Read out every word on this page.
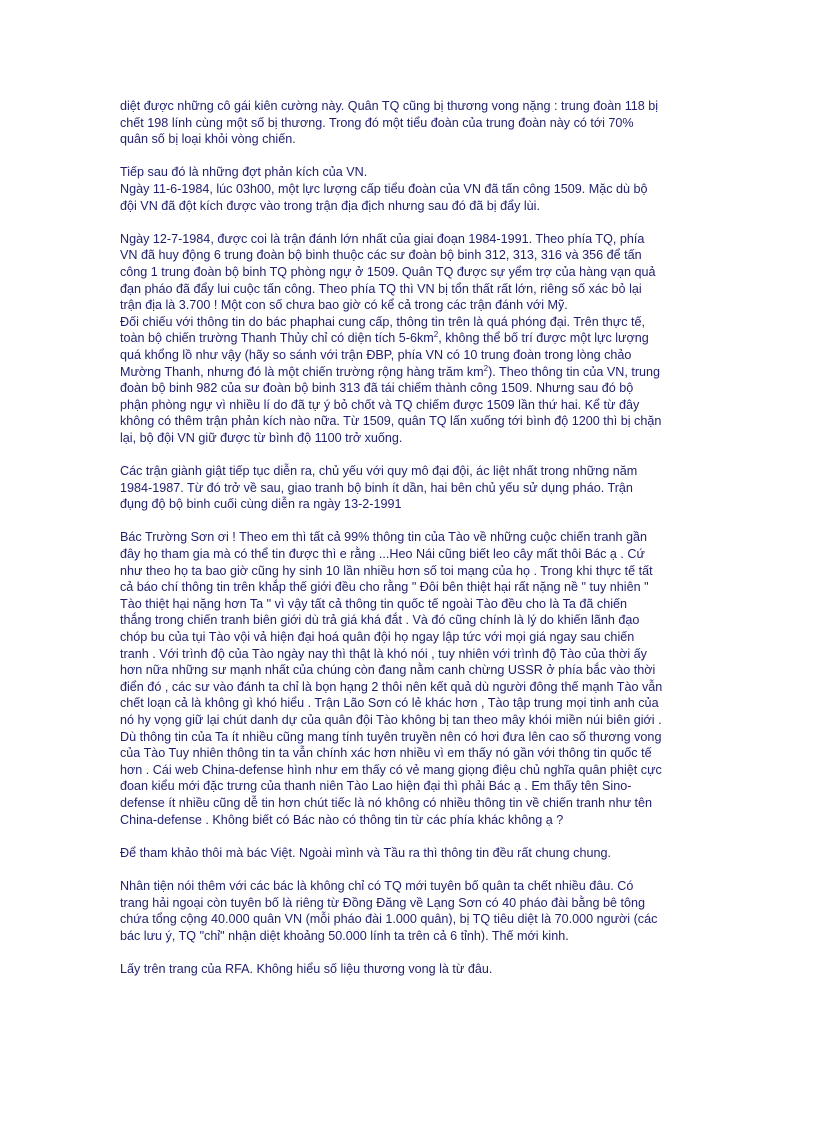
diệt được những cô gái kiên cường này. Quân TQ cũng bị thương vong nặng : trung đoàn 118 bị
chết 198 lính cùng một số bị thương. Trong đó một tiểu đoàn của trung đoàn này có tới 70%
quân số bị loại khỏi vòng chiến.

Tiếp sau đó là những đợt phản kích của VN.
Ngày 11-6-1984, lúc 03h00, một lực lượng cấp tiểu đoàn của VN đã tấn công 1509. Mặc dù bộ
đội VN đã đột kích được vào trong trận địa địch nhưng sau đó đã bị đẩy lùi.

Ngày 12-7-1984, được coi là trận đánh lớn nhất của giai đoạn 1984-1991. Theo phía TQ, phía
VN đã huy động 6 trung đoàn bộ binh thuộc các sư đoàn bộ binh 312, 313, 316 và 356 để tấn
công 1 trung đoàn bộ binh TQ phòng ngự ở 1509. Quân TQ được sự yểm trợ của hàng vạn quả
đạn pháo đã đẩy lui cuộc tấn công. Theo phía TQ thì VN bị tổn thất rất lớn, riêng số xác bỏ lại
trận địa là 3.700 ! Một con số chưa bao giờ có kể cả trong các trận đánh với Mỹ.
Đối chiếu với thông tin do bác phaphai cung cấp, thông tin trên là quá phóng đại. Trên thực tế,
toàn bộ chiến trường Thanh Thủy chỉ có diện tích $5-6km^2$, không thể bố trí được một lực lượng
quá khổng lồ như vậy (hãy so sánh với trận ĐBP, phía VN có 10 trung đoàn trong lòng chảo
Mường Thanh, nhưng đó là một chiến trường rộng hàng trăm $km^2$). Theo thông tin của VN, trung
đoàn bộ binh 982 của sư đoàn bộ binh 313 đã tái chiếm thành công 1509. Nhưng sau đó bộ
phận phòng ngự vì nhiều lí do đã tự ý bỏ chốt và TQ chiếm được 1509 lần thứ hai. Kể từ đây
không có thêm trận phản kích nào nữa. Từ 1509, quân TQ lấn xuống tới bình độ 1200 thì bị chặn
lại, bộ đội VN giữ được từ bình độ 1100 trở xuống.

Các trận giành giật tiếp tục diễn ra, chủ yếu với quy mô đại đội, ác liệt nhất trong những năm
1984-1987. Từ đó trở về sau, giao tranh bộ binh ít dần, hai bên chủ yếu sử dụng pháo. Trận
đụng độ bộ binh cuối cùng diễn ra ngày 13-2-1991

Bác Trường Sơn ơi ! Theo em thì tất cả 99% thông tin của Tào về những cuộc chiến tranh gần
đây họ tham gia mà có thể tin được thì e rằng ...Heo Nái cũng biết leo cây mất thôi Bác ạ . Cứ
như theo họ ta bao giờ cũng hy sinh 10 lần nhiều hơn số toi mạng của họ . Trong khi thực tế tất
cả báo chí thông tin trên khắp thế giới đều cho rằng " Đôi bên thiệt hại rất nặng nề " tuy nhiên "
Tào thiệt hại nặng hơn Ta " vì vậy tất cả thông tin quốc tế ngoài Tào đều cho là Ta đã chiến
thắng trong chiến tranh biên giới dù trả giá khá đắt . Và đó cũng chính là lý do khiến lãnh đạo
chóp bu của tụi Tào vội vả hiện đại hoá quân đội họ ngay lập tức với mọi giá ngay sau chiến
tranh . Với trình độ của Tào ngày nay thì thật là khó nói , tuy nhiên với trình độ Tào của thời ấy
hơn nữa những sư mạnh nhất của chúng còn đang nằm canh chừng USSR ở phía bắc vào thời
điển đó , các sư vào đánh ta chỉ là bọn hạng 2 thôi nên kết quả dù người đông thế mạnh Tào vẫn
chết loạn cả là không gì khó hiểu . Trận Lão Sơn có lẻ khác hơn , Tào tập trung mọi tinh anh của
nó hy vọng giữ lại chút danh dự của quân đội Tào không bị tan theo mây khói miền núi biên giới .
Dù thông tin của Ta ít nhiều cũng mang tính tuyên truyền nên có hơi đưa lên cao số thương vong
của Tào Tuy nhiên thông tin ta vẫn chính xác hơn nhiều vì em thấy nó gần với thông tin quốc tế
hơn . Cái web China-defense hình như em thấy có vẻ mang giọng điệu chủ nghĩa quân phiệt cực
đoan kiểu mới đặc trưng của thanh niên Tào Lao hiện đại thì phải Bác ạ . Em thấy tên Sino-
defense ít nhiều cũng dễ tin hơn chút tiếc là nó không có nhiều thông tin về chiến tranh như tên
China-defense . Không biết có Bác nào có thông tin từ các phía khác không ạ ?

Để tham khảo thôi mà bác Việt. Ngoài mình và Tầu ra thì thông tin đều rất chung chung.

Nhân tiện nói thêm với các bác là không chỉ có TQ mới tuyên bố quân ta chết nhiều đâu. Có
trang hải ngoại còn tuyên bố là riêng từ Đồng Đăng về Lạng Sơn có 40 pháo đài bằng bê tông
chứa tổng cộng 40.000 quân VN (mỗi pháo đài 1.000 quân), bị TQ tiêu diệt là 70.000 người (các
bác lưu ý, TQ "chỉ" nhận diệt khoảng 50.000 lính ta trên cả 6 tỉnh). Thế mới kinh.

Lấy trên trang của RFA. Không hiểu số liệu thương vong là từ đâu.
